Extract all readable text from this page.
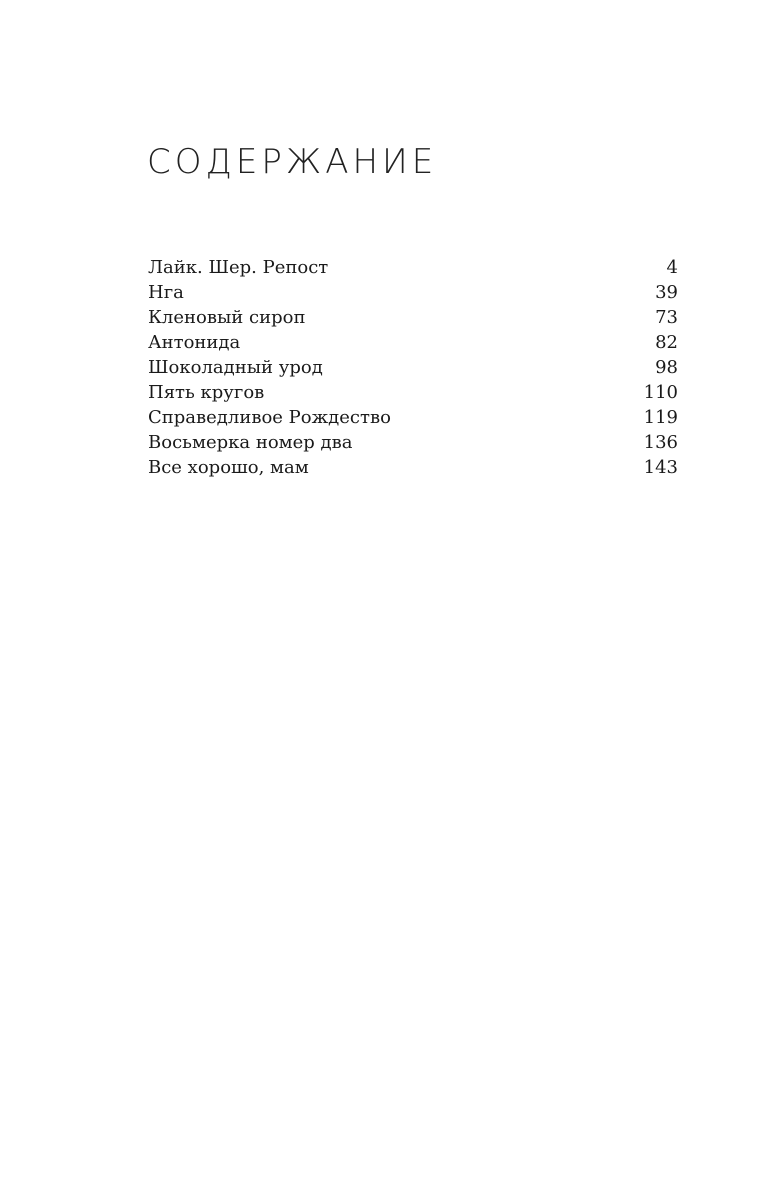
СОДЕРЖАНИЕ
Лайк. Шер. Репост	4
Нга	39
Кленовый сироп	73
Антонида	82
Шоколадный урод	98
Пять кругов	110
Справедливое Рождество	119
Восьмерка номер два	136
Все хорошо, мам	143
